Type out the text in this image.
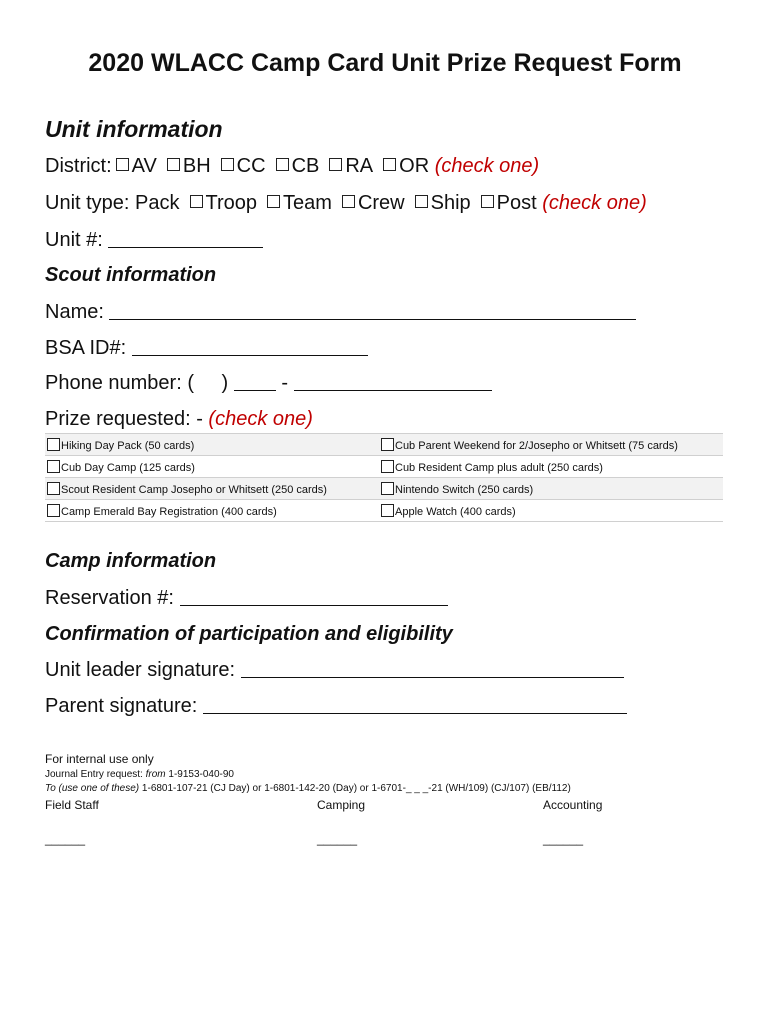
2020 WLACC Camp Card Unit Prize Request Form
Unit information
District: AV BH CC CB RA OR (check one)
Unit type: Pack Troop Team Crew Ship Post (check one)
Unit #:
Scout information
Name:
BSA ID#:
Phone number: ( )	-
Prize requested: - (check one)
Hiking Day Pack (50 cards)	Cub Parent Weekend for 2/Josepho or Whitsett (75 cards)
Cub Day Camp (125 cards)	Cub Resident Camp plus adult (250 cards)
Scout Resident Camp Josepho or Whitsett (250 cards)	Nintendo Switch (250 cards)
Camp Emerald Bay Registration (400 cards)	Apple Watch (400 cards)
Camp information
Reservation #:
Confirmation of participation and eligibility
Unit leader signature:
Parent signature:
For internal use only
Journal Entry request: from 1-9153-040-90
To (use one of these) 1-6801-107-21 (CJ Day) or 1-6801-142-20 (Day) or 1-6701-_ _ _-21 (WH/109) (CJ/107) (EB/112)
Field Staff	Camping	Accounting
______	______	______
